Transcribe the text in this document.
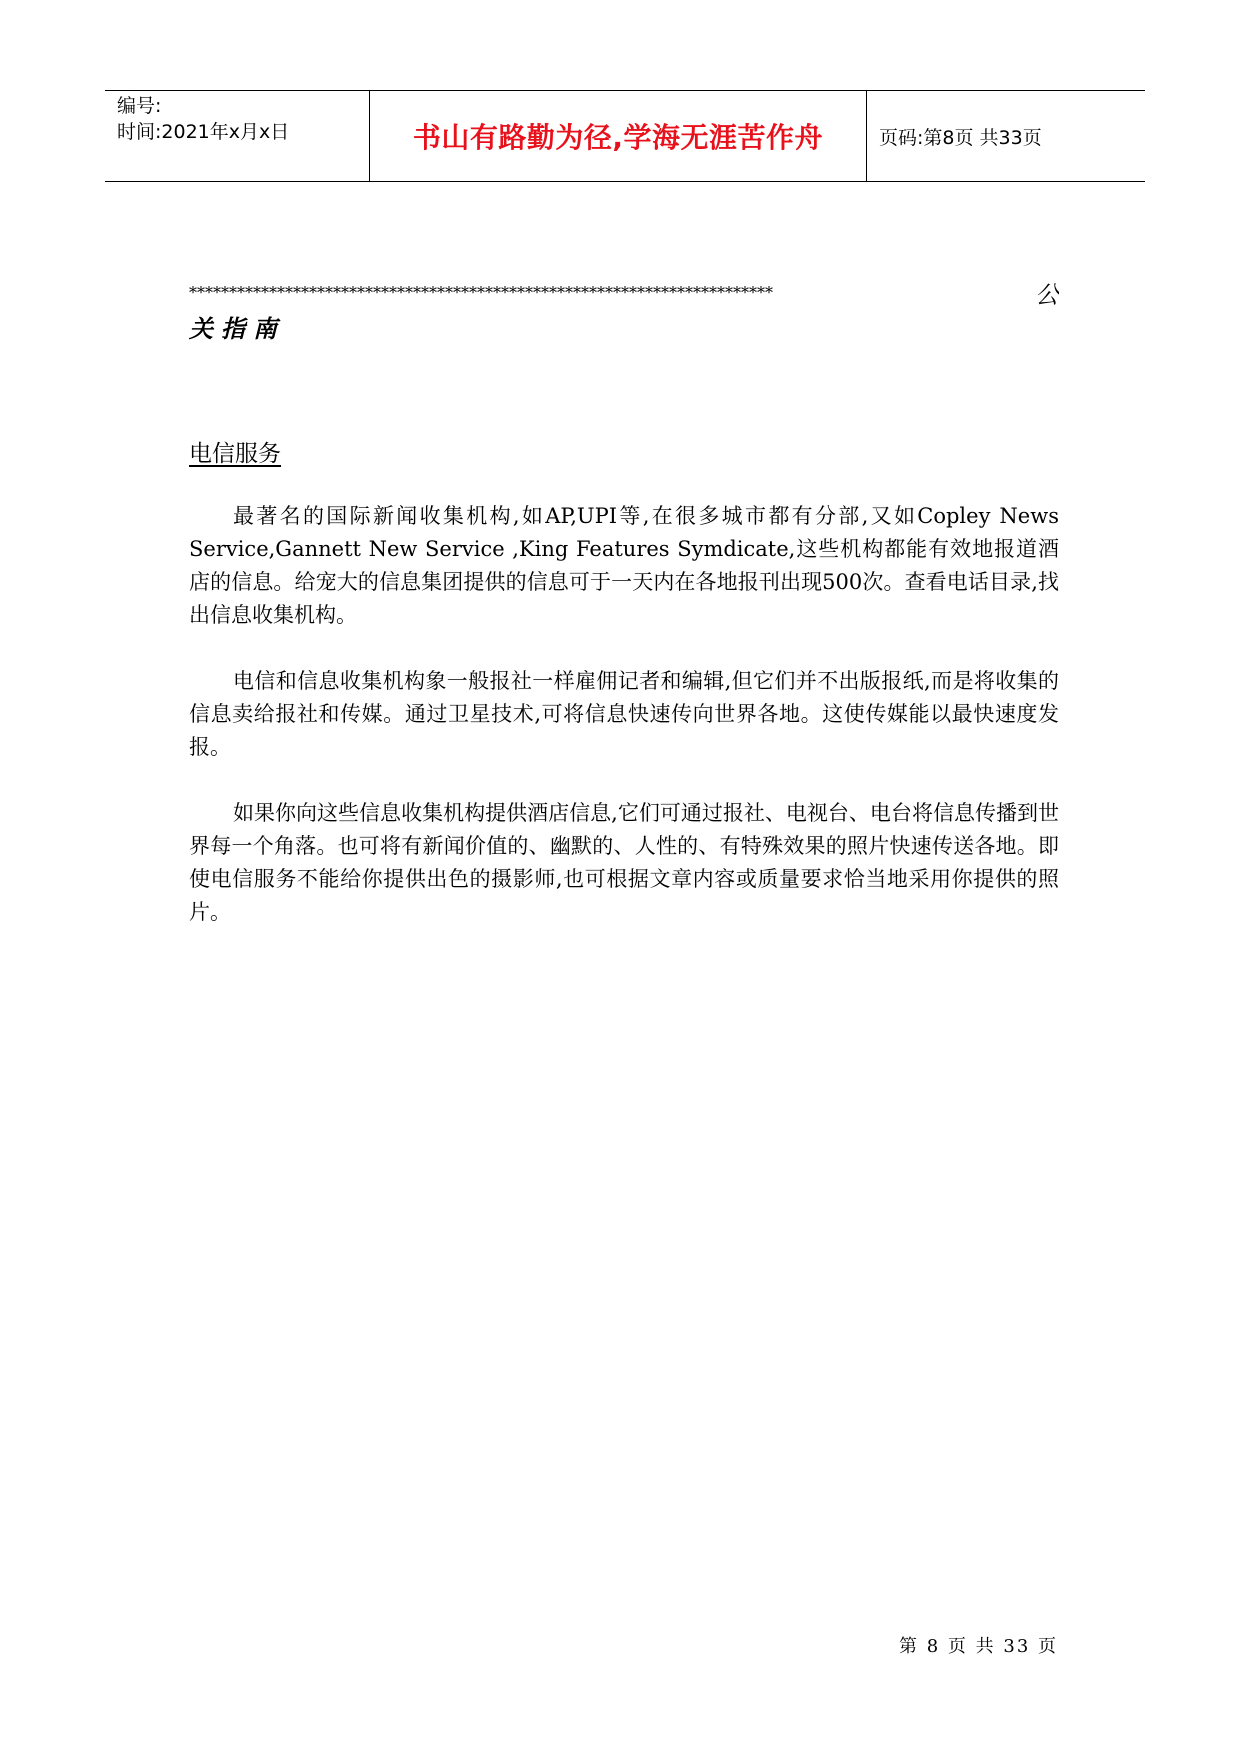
编号:
时间:2021年x月x日	书山有路勤为径,学海无涯苦作舟	页码:第8页 共33页
*************************************************************************	公
关指南
电信服务

最著名的国际新闻收集机构,如AP,UPI等,在很多城市都有分部,又如Copley News Service,Gannett New Service ,King Features Symdicate,这些机构都能有效地报道酒店的信息。给宠大的信息集团提供的信息可于一天内在各地报刊出现500次。查看电话目录,找出信息收集机构。

电信和信息收集机构象一般报社一样雇佣记者和编辑,但它们并不出版报纸,而是将收集的信息卖给报社和传媒。通过卫星技术,可将信息快速传向世界各地。这使传媒能以最快速度发报。

如果你向这些信息收集机构提供酒店信息,它们可通过报社、电视台、电台将信息传播到世界每一个角落。也可将有新闻价值的、幽默的、人性的、有特殊效果的照片快速传送各地。即使电信服务不能给你提供出色的摄影师,也可根据文章内容或质量要求恰当地采用你提供的照片。

第 8 页 共 33 页
